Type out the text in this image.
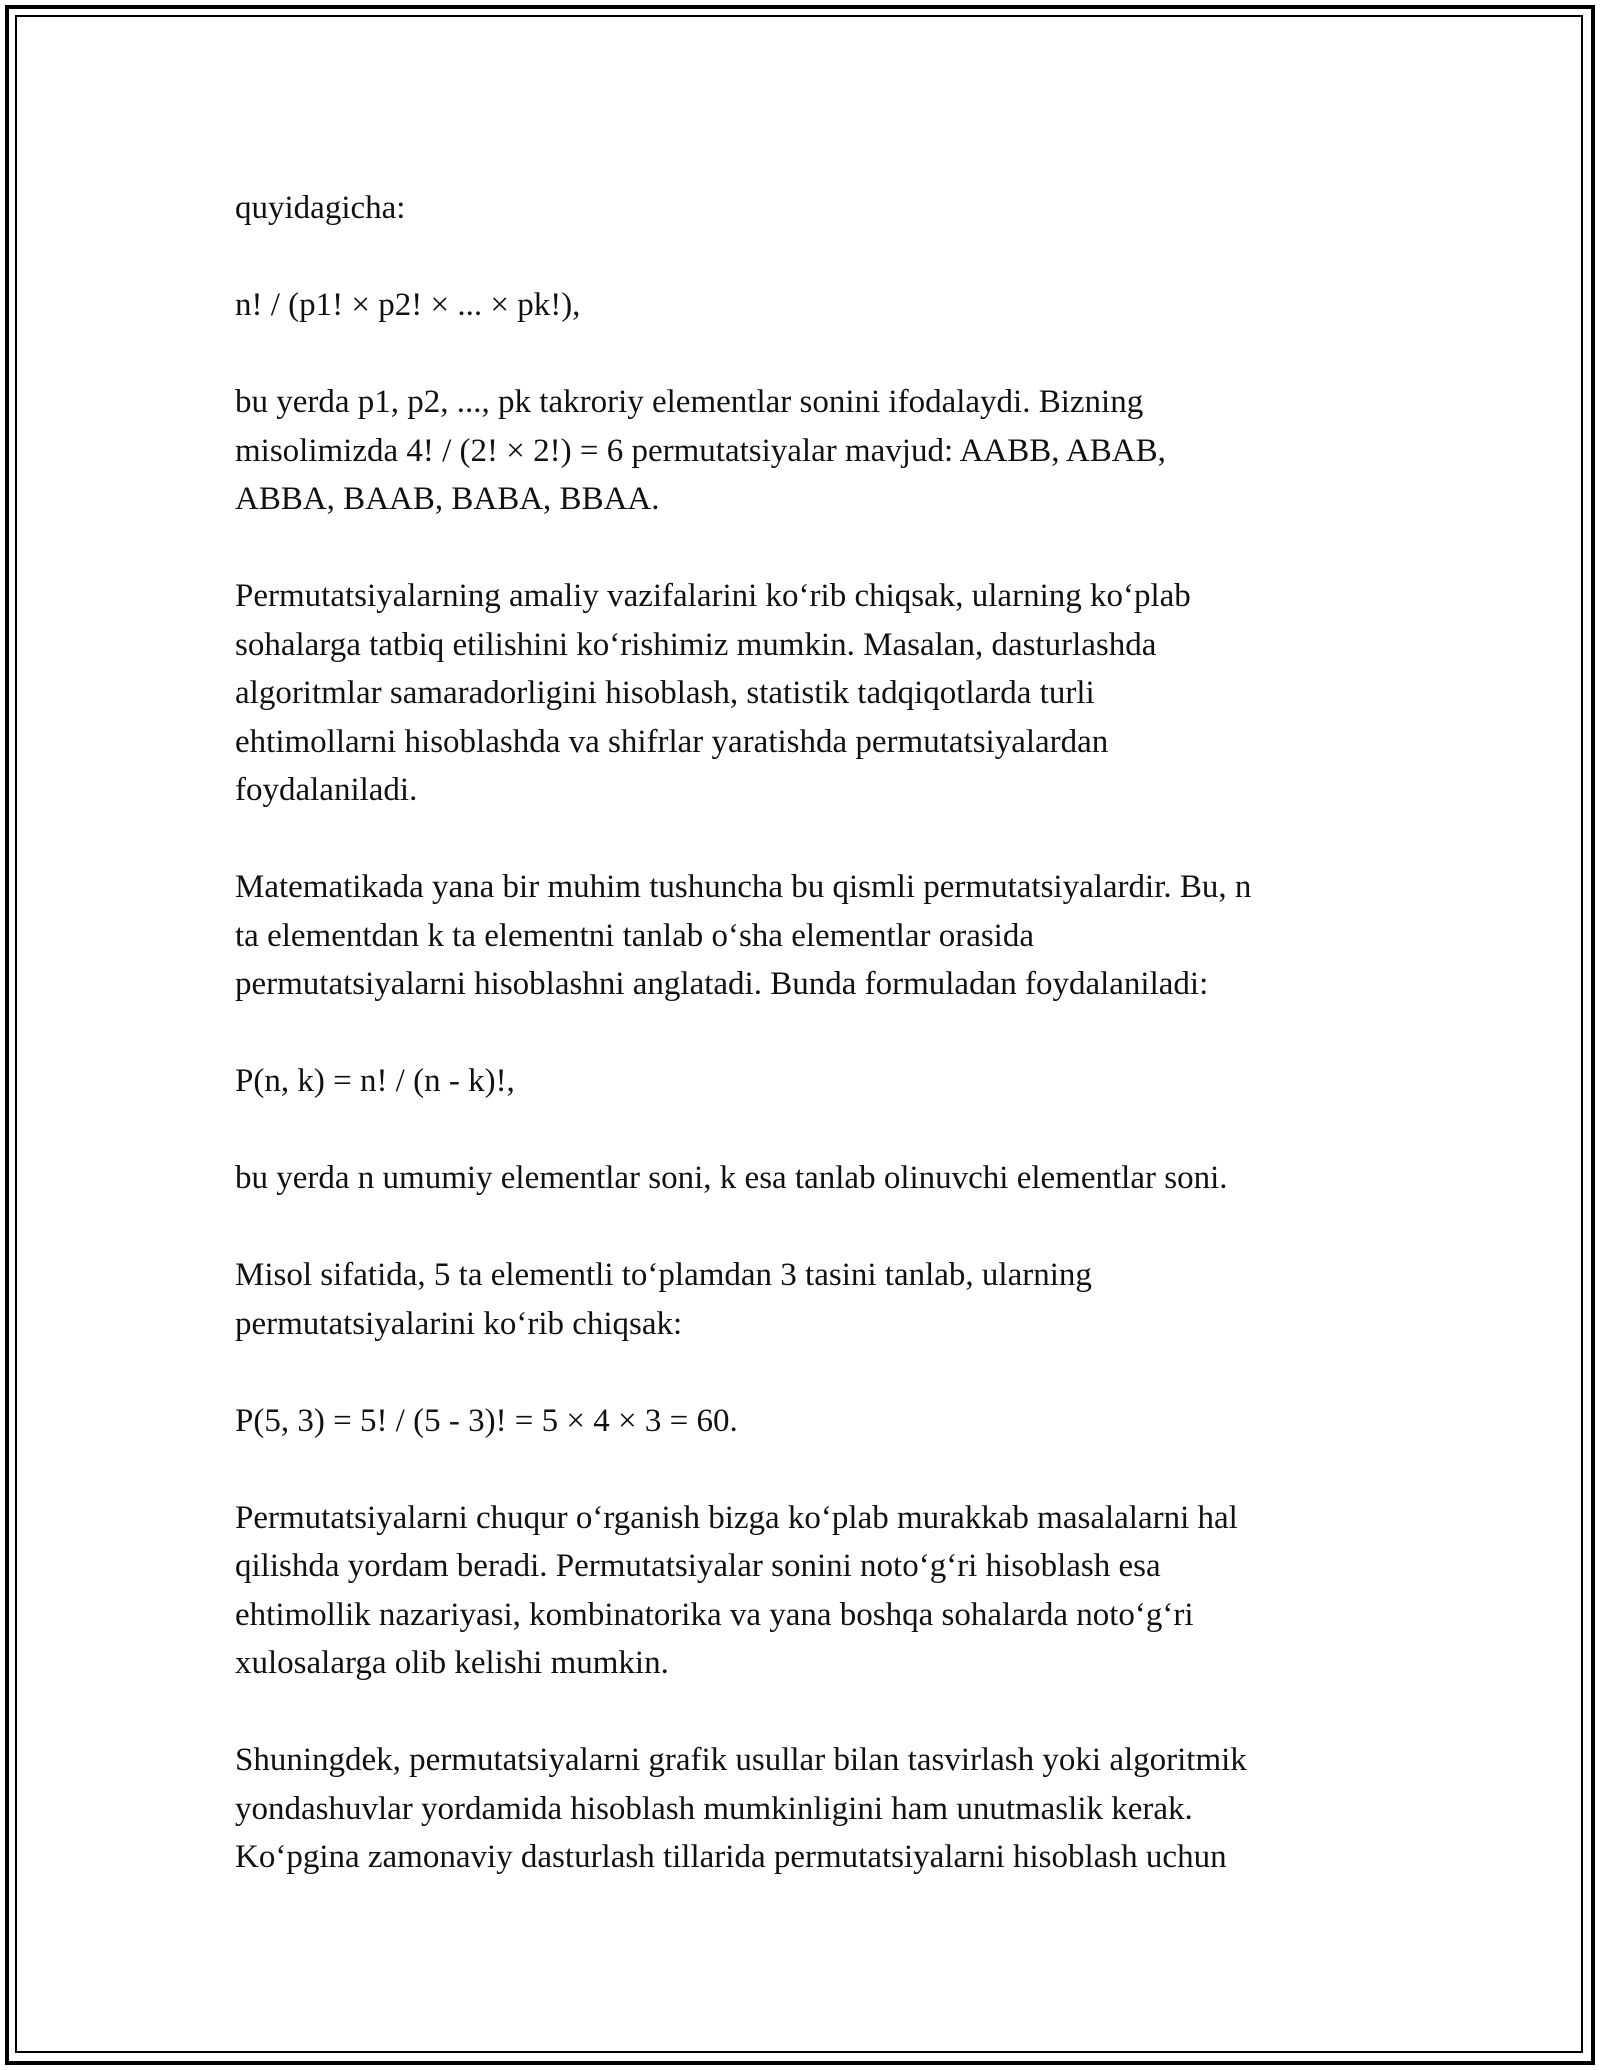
quyidagicha:

n! / (p1! × p2! × ... × pk!),

bu yerda p1, p2, ..., pk takroriy elementlar sonini ifodalaydi. Bizning
misolimizda 4! / (2! × 2!) = 6 permutatsiyalar mavjud: AABB, ABAB,
ABBA, BAAB, BABA, BBAA.

Permutatsiyalarning amaliy vazifalarini ko‘rib chiqsak, ularning ko‘plab
sohalarga tatbiq etilishini ko‘rishimiz mumkin. Masalan, dasturlashda
algoritmlar samaradorligini hisoblash, statistik tadqiqotlarda turli
ehtimollarni hisoblashda va shifrlar yaratishda permutatsiyalardan
foydalaniladi.

Matematikada yana bir muhim tushuncha bu qismli permutatsiyalardir. Bu, n
ta elementdan k ta elementni tanlab o‘sha elementlar orasida
permutatsiyalarni hisoblashni anglatadi. Bunda formuladan foydalaniladi:

P(n, k) = n! / (n - k)!,

bu yerda n umumiy elementlar soni, k esa tanlab olinuvchi elementlar soni.

Misol sifatida, 5 ta elementli to‘plamdan 3 tasini tanlab, ularning
permutatsiyalarini ko‘rib chiqsak:

P(5, 3) = 5! / (5 - 3)! = 5 × 4 × 3 = 60.

Permutatsiyalarni chuqur o‘rganish bizga ko‘plab murakkab masalalarni hal
qilishda yordam beradi. Permutatsiyalar sonini noto‘g‘ri hisoblash esa
ehtimollik nazariyasi, kombinatorika va yana boshqa sohalarda noto‘g‘ri
xulosalarga olib kelishi mumkin.

Shuningdek, permutatsiyalarni grafik usullar bilan tasvirlash yoki algoritmik
yondashuvlar yordamida hisoblash mumkinligini ham unutmaslik kerak.
Ko‘pgina zamonaviy dasturlash tillarida permutatsiyalarni hisoblash uchun
